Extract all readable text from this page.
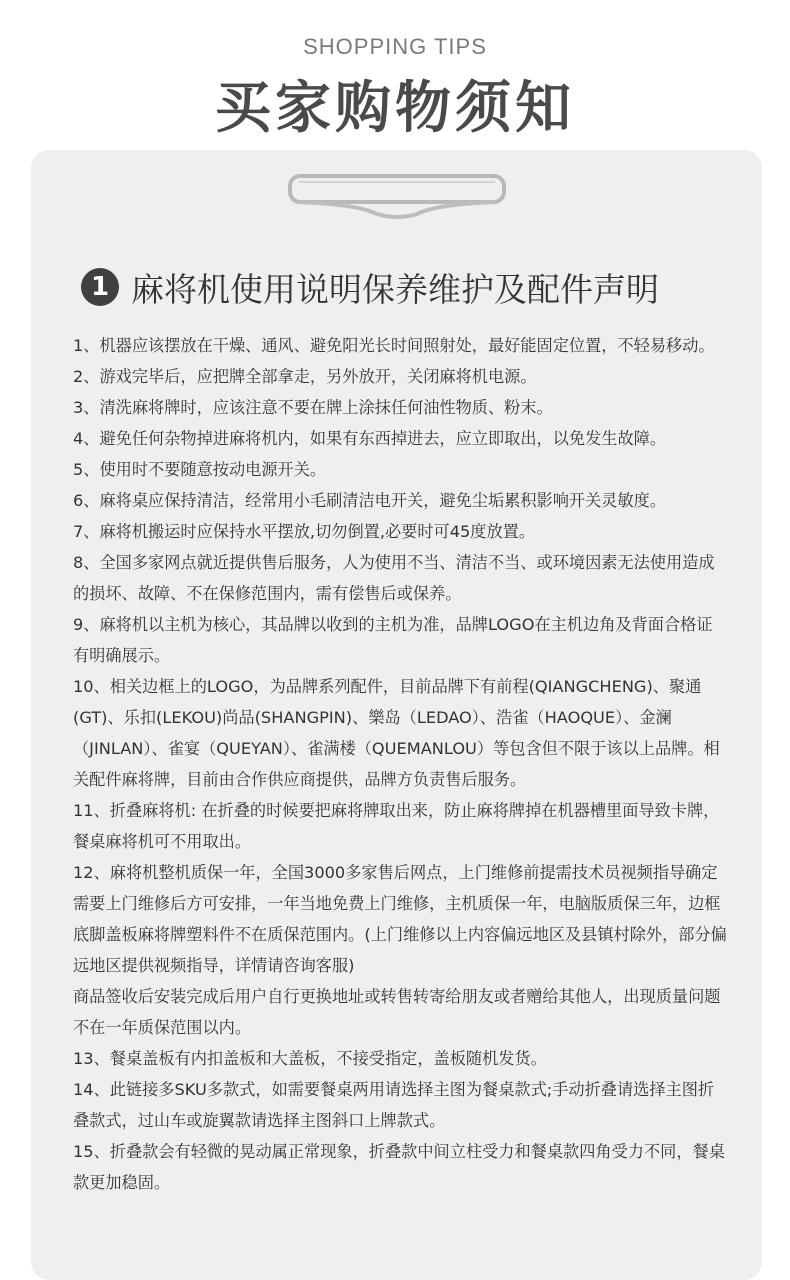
SHOPPING TIPS
买家购物须知
1 麻将机使用说明保养维护及配件声明

1、机器应该摆放在干燥、通风、避免阳光长时间照射处，最好能固定位置，不轻易移动。

2、游戏完毕后，应把牌全部拿走，另外放开，关闭麻将机电源。

3、清洗麻将牌时，应该注意不要在牌上涂抹任何油性物质、粉末。

4、避免任何杂物掉进麻将机内，如果有东西掉进去，应立即取出，以免发生故障。

5、使用时不要随意按动电源开关。

6、麻将桌应保持清洁，经常用小毛刷清洁电开关，避免尘垢累积影响开关灵敏度。

7、麻将机搬运时应保持水平摆放,切勿倒置,必要时可45度放置。

8、全国多家网点就近提供售后服务，人为使用不当、清洁不当、或环境因素无法使用造成的损坏、故障、不在保修范围内，需有偿售后或保养。

9、麻将机以主机为核心，其品牌以收到的主机为准，品牌LOGO在主机边角及背面合格证有明确展示。

10、相关边框上的LOGO，为品牌系列配件，目前品牌下有前程(QIANGCHENG)、聚通(GT)、乐扣(LEKOU)尚品(SHANGPIN)、樂岛（LEDAO）、浩雀（HAOQUE）、金澜（JINLAN）、雀宴（QUEYAN）、雀满楼（QUEMANLOU）等包含但不限于该以上品牌。相关配件麻将牌，目前由合作供应商提供，品牌方负责售后服务。

11、折叠麻将机: 在折叠的时候要把麻将牌取出来，防止麻将牌掉在机器槽里面导致卡牌，餐桌麻将机可不用取出。

12、麻将机整机质保一年，全国3000多家售后网点，上门维修前提需技术员视频指导确定需要上门维修后方可安排，一年当地免费上门维修，主机质保一年，电脑版质保三年，边框底脚盖板麻将牌塑料件不在质保范围内。(上门维修以上内容偏远地区及县镇村除外，部分偏远地区提供视频指导，详情请咨询客服)

商品签收后安装完成后用户自行更换地址或转售转寄给朋友或者赠给其他人，出现质量问题不在一年质保范围以内。

13、餐桌盖板有内扣盖板和大盖板，不接受指定，盖板随机发货。

14、此链接多SKU多款式，如需要餐桌两用请选择主图为餐桌款式;手动折叠请选择主图折叠款式，过山车或旋翼款请选择主图斜口上牌款式。

15、折叠款会有轻微的晃动属正常现象，折叠款中间立柱受力和餐桌款四角受力不同，餐桌款更加稳固。
